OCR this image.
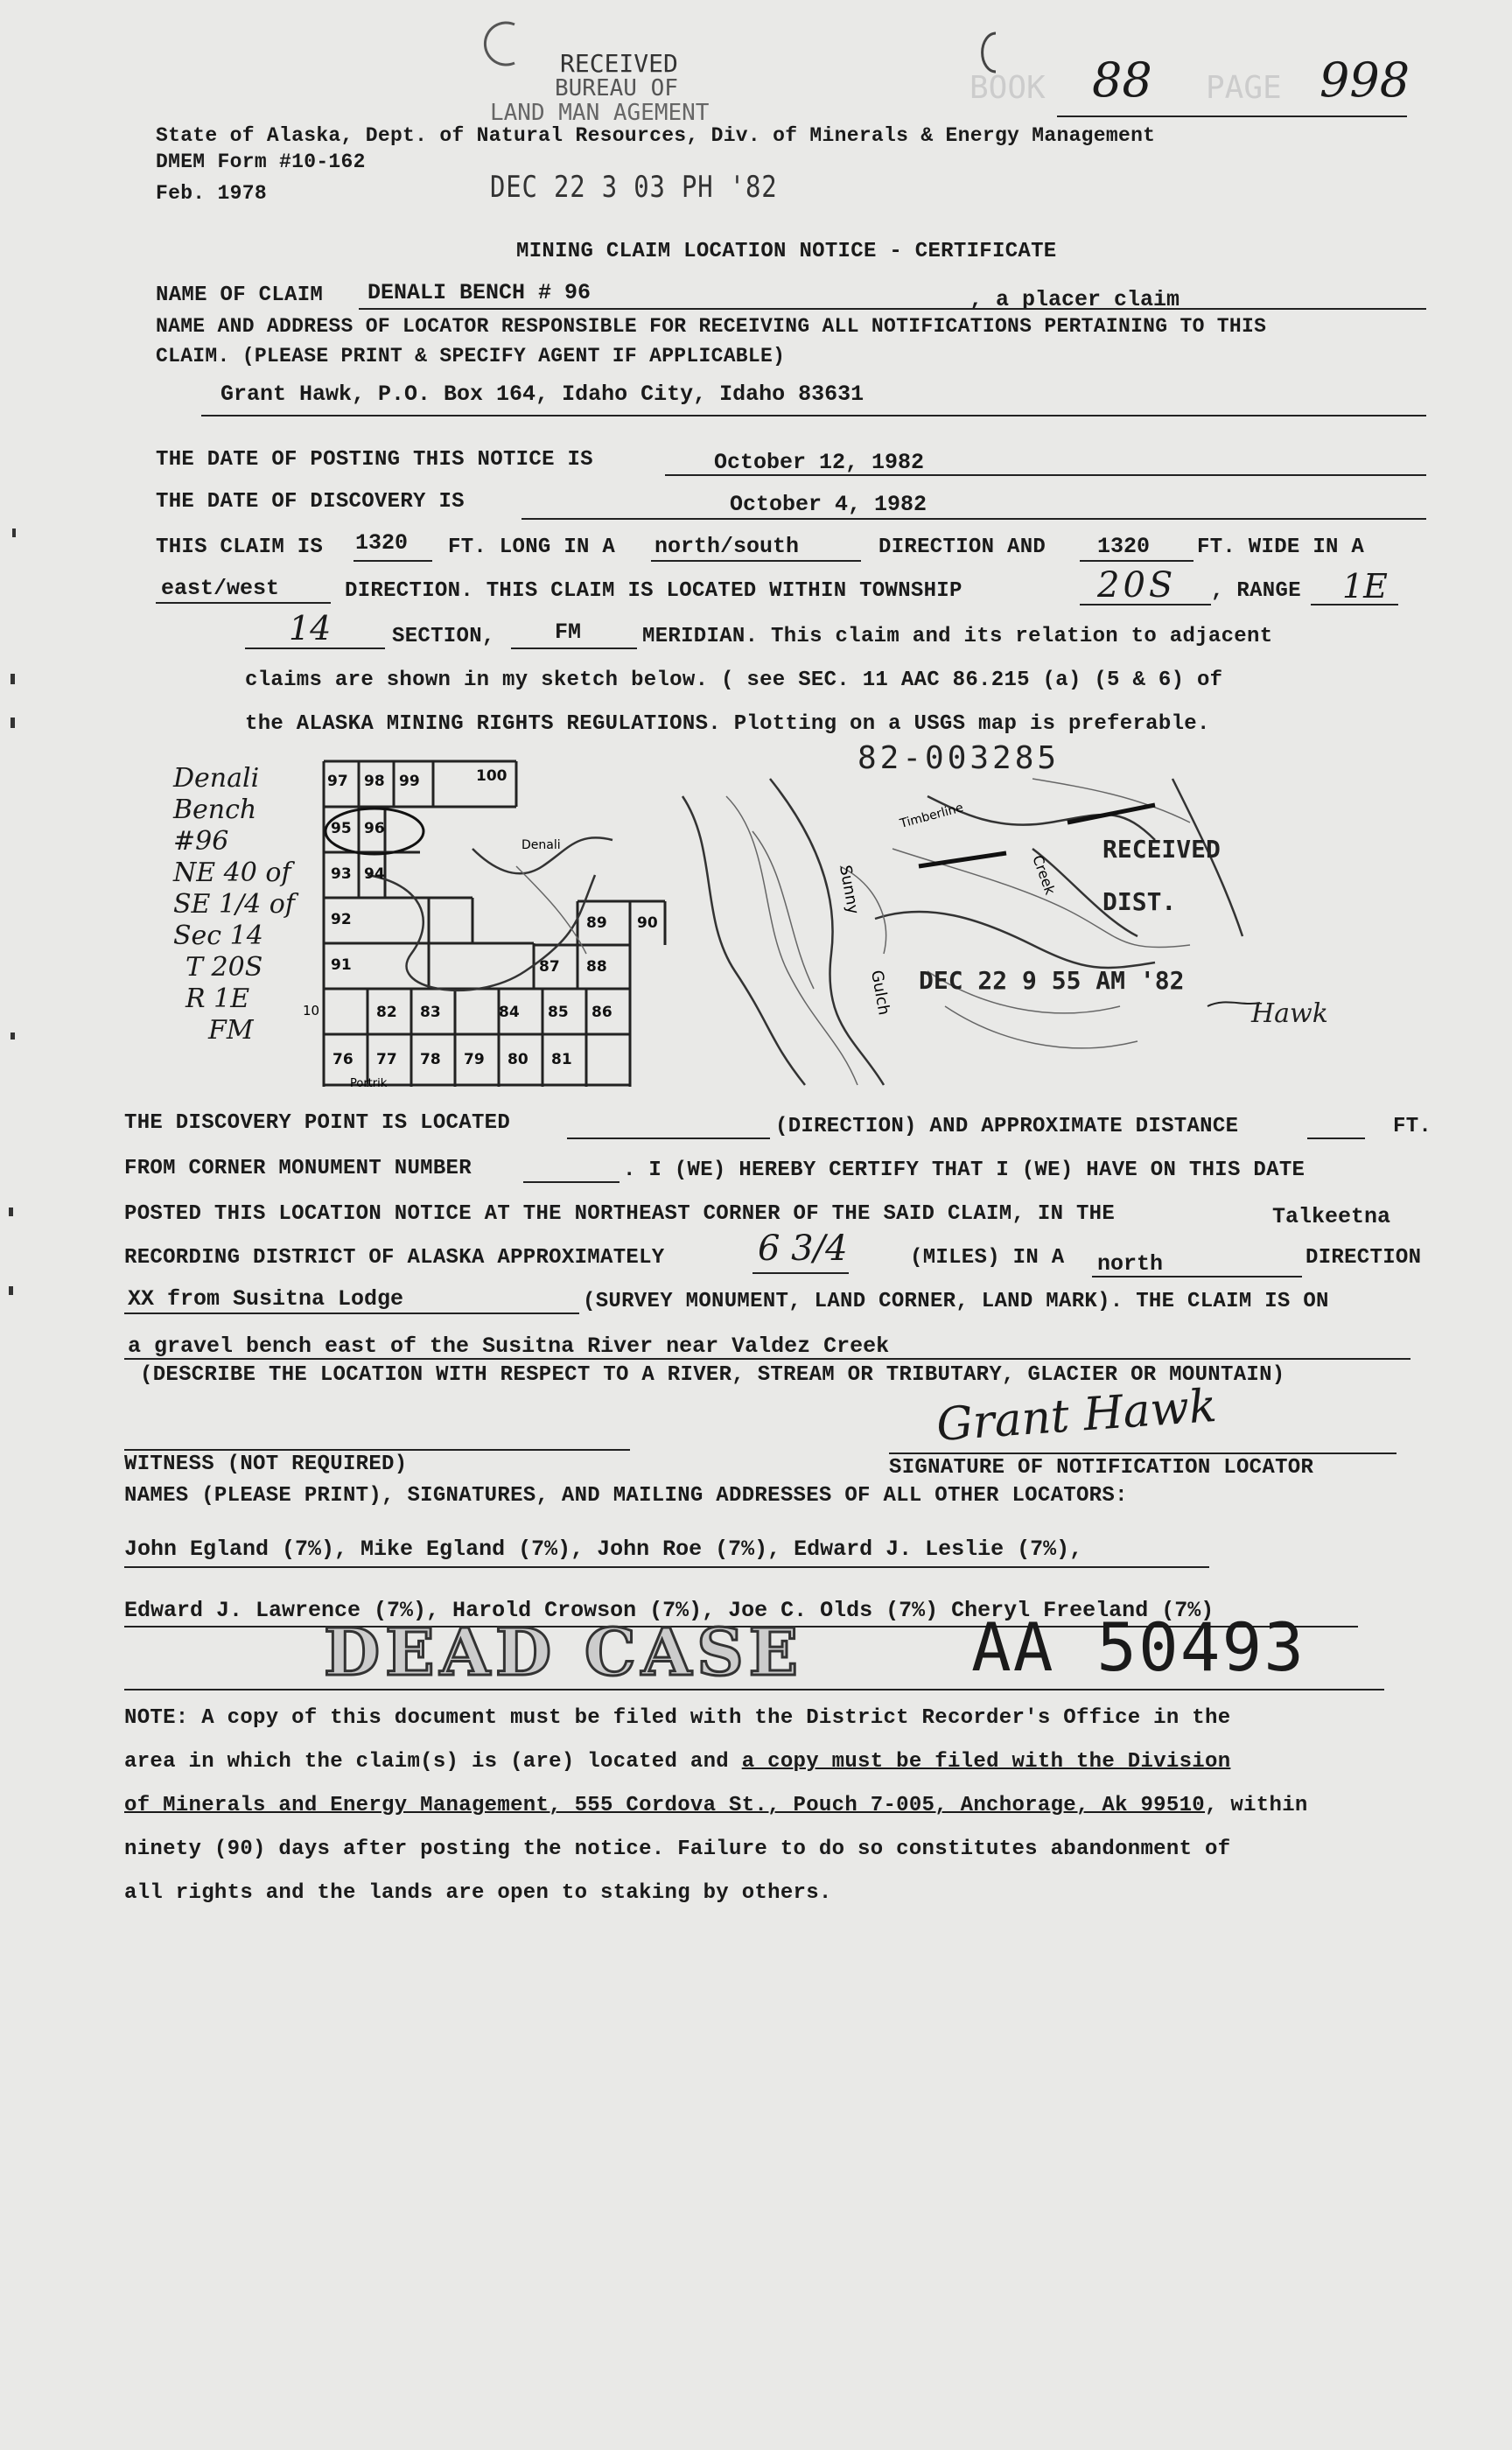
RECEIVED
BUREAU OF
LAND MAN AGEMENT
DEC 22 3 03 PH '82
BOOK 88 PAGE 998
State of Alaska, Dept. of Natural Resources, Div. of Minerals & Energy Management
DMEM Form #10-162
Feb. 1978
MINING CLAIM LOCATION NOTICE - CERTIFICATE
NAME OF CLAIM DENALI BENCH # 96	, a placer claim
NAME AND ADDRESS OF LOCATOR RESPONSIBLE FOR RECEIVING ALL NOTIFICATIONS PERTAINING TO THIS
CLAIM. (PLEASE PRINT & SPECIFY AGENT IF APPLICABLE)
Grant Hawk, P.O. Box 164, Idaho City, Idaho 83631
THE DATE OF POSTING THIS NOTICE IS	October 12, 1982
THE DATE OF DISCOVERY IS	October 4, 1982
THIS CLAIM IS 1320 FT. LONG IN A north/south	DIRECTION AND 1320 FT. WIDE IN A
east/west	DIRECTION. THIS CLAIM IS LOCATED WITHIN TOWNSHIP	20S , RANGE 1E
14	SECTION,	FM	MERIDIAN. This claim and its relation to adjacent
claims are shown in my sketch below. ( see SEC. 11 AAC 86.215 (a) (5 & 6) of
the ALASKA MINING RIGHTS REGULATIONS. Plotting on a USGS map is preferable.
Denali
Bench
#96
NE 40 of
SE 1/4 of
Sec 14
T 20S
R 1E
FM
97 98 99	100
95 96
93 94
92	89 90
91	87 88
82 83	84 85 86
76 77 78 79 80 81
10
Portrik
Denali
Timberline
Sunny
Gulch
Creek
82-003285
RECEIVED
DIST.
DEC 22 9 55 AM '82
Hawk
THE DISCOVERY POINT IS LOCATED	(DIRECTION) AND APPROXIMATE DISTANCE	FT.
FROM CORNER MONUMENT NUMBER	. I (WE) HEREBY CERTIFY THAT I (WE) HAVE ON THIS DATE
POSTED THIS LOCATION NOTICE AT THE NORTHEAST CORNER OF THE SAID CLAIM, IN THE	Talkeetna
RECORDING DISTRICT OF ALASKA APPROXIMATELY	6 3/4	(MILES) IN A north	DIRECTION
XX from Susitna Lodge	(SURVEY MONUMENT, LAND CORNER, LAND MARK). THE CLAIM IS ON
a gravel bench east of the Susitna River near Valdez Creek
(DESCRIBE THE LOCATION WITH RESPECT TO A RIVER, STREAM OR TRIBUTARY, GLACIER OR MOUNTAIN)
WITNESS (NOT REQUIRED)
Grant Hawk
SIGNATURE OF NOTIFICATION LOCATOR
NAMES (PLEASE PRINT), SIGNATURES, AND MAILING ADDRESSES OF ALL OTHER LOCATORS:
John Egland (7%), Mike Egland (7%), John Roe (7%), Edward J. Leslie (7%),
Edward J. Lawrence (7%), Harold Crowson (7%), Joe C. Olds (7%) Cheryl Freeland (7%)
DEAD CASE	AA 50493
NOTE: A copy of this document must be filed with the District Recorder's Office in the
area in which the claim(s) is (are) located and a copy must be filed with the Division
of Minerals and Energy Management, 555 Cordova St., Pouch 7-005, Anchorage, Ak 99510, within
ninety (90) days after posting the notice. Failure to do so constitutes abandonment of
all rights and the lands are open to staking by others.
